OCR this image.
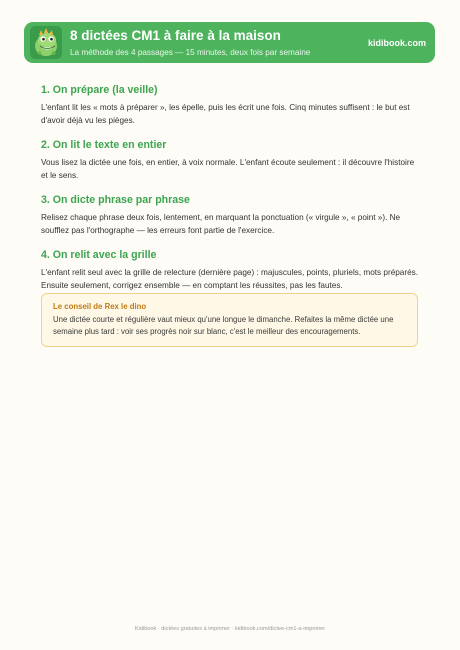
8 dictées CM1 à faire à la maison
La méthode des 4 passages — 15 minutes, deux fois par semaine
kidibook.com
1. On prépare (la veille)

L'enfant lit les « mots à préparer », les épelle, puis les écrit une fois. Cinq minutes suffisent : le but est d'avoir déjà vu les pièges.

2. On lit le texte en entier

Vous lisez la dictée une fois, en entier, à voix normale. L'enfant écoute seulement : il découvre l'histoire et le sens.

3. On dicte phrase par phrase

Relisez chaque phrase deux fois, lentement, en marquant la ponctuation (« virgule », « point »). Ne soufflez pas l'orthographe — les erreurs font partie de l'exercice.

4. On relit avec la grille

L'enfant relit seul avec la grille de relecture (dernière page) : majuscules, points, pluriels, mots préparés. Ensuite seulement, corrigez ensemble — en comptant les réussites, pas les fautes.

Le conseil de Rex le dino

Une dictée courte et régulière vaut mieux qu'une longue le dimanche. Refaites la même dictée une semaine plus tard : voir ses progrès noir sur blanc, c'est le meilleur des encouragements.

Kidibook · dictées gratuites à imprimer · kidibook.com/dictee-cm1-a-imprimer
